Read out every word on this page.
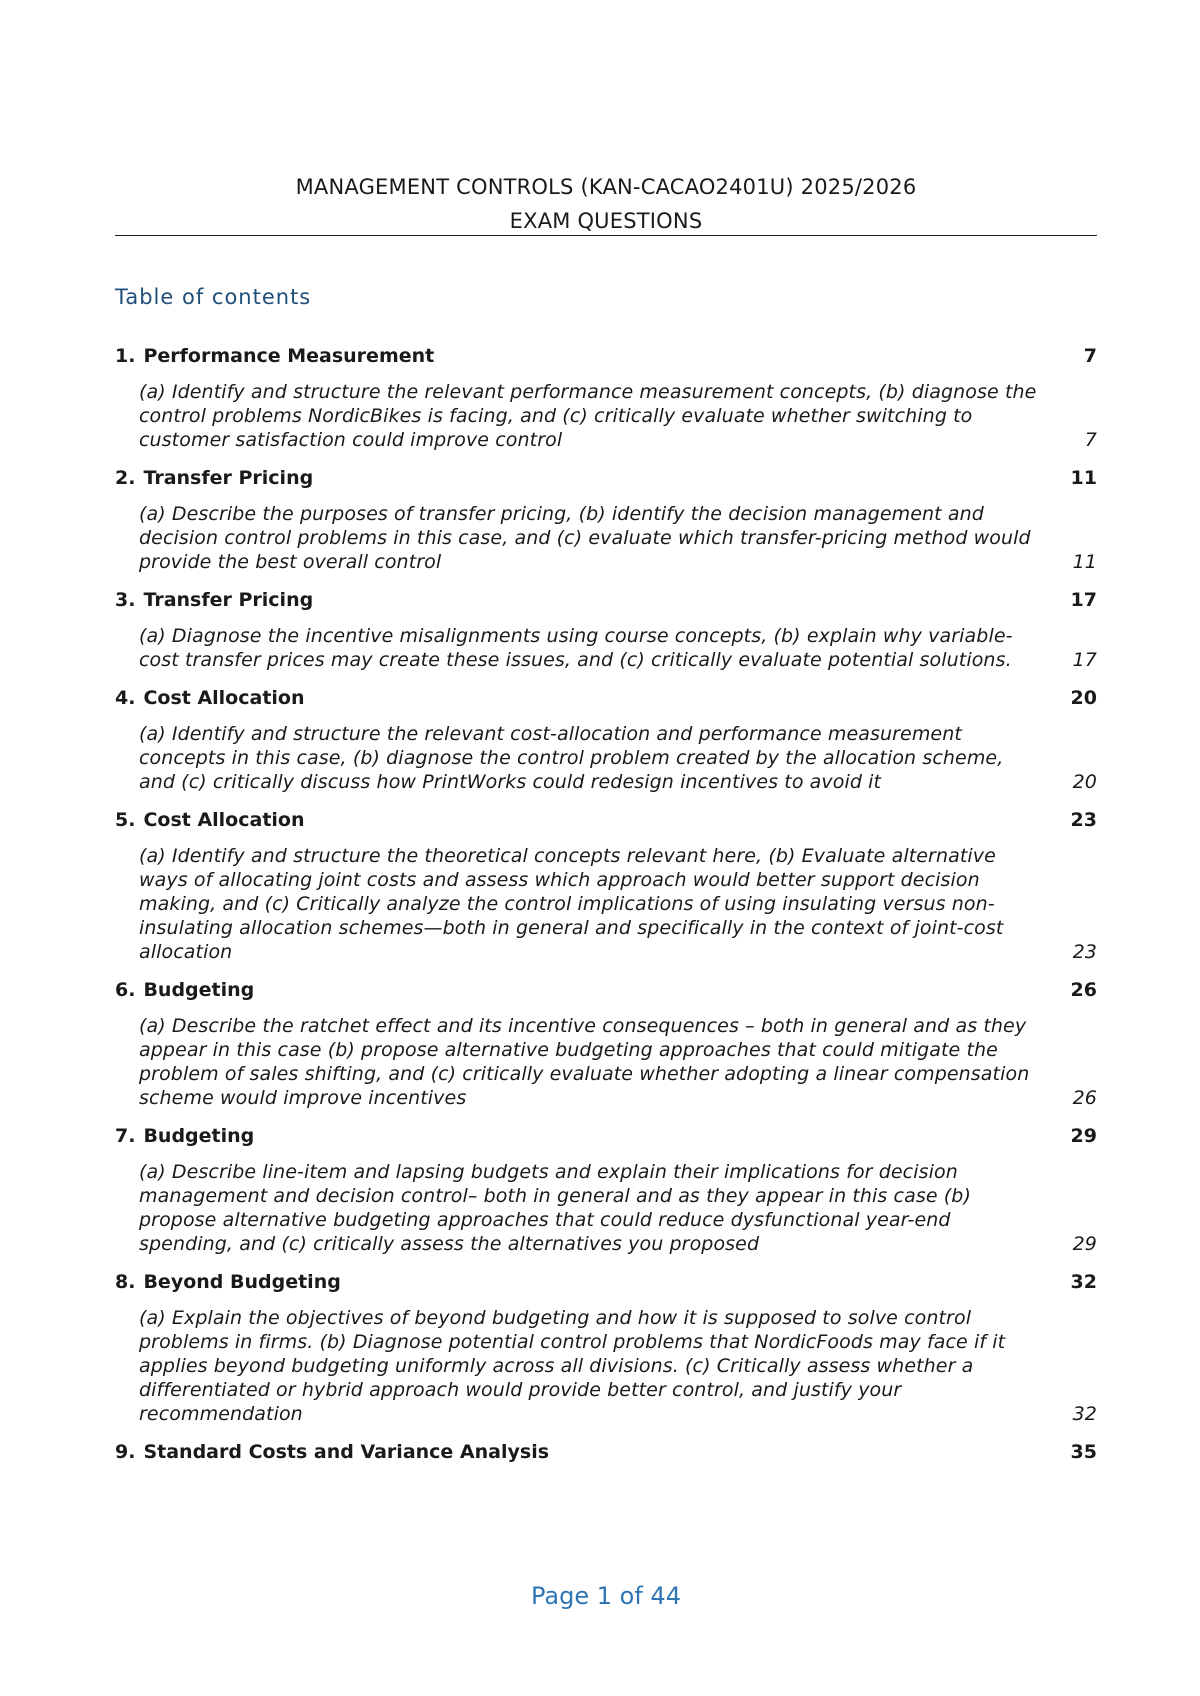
MANAGEMENT CONTROLS (KAN-CACAO2401U) 2025/2026
EXAM QUESTIONS
Table of contents
1. Performance Measurement	7
(a) Identify and structure the relevant performance measurement concepts, (b) diagnose the
control problems NordicBikes is facing, and (c) critically evaluate whether switching to
customer satisfaction could improve control	7
2. Transfer Pricing	11
(a) Describe the purposes of transfer pricing, (b) identify the decision management and
decision control problems in this case, and (c) evaluate which transfer-pricing method would
provide the best overall control	11
3. Transfer Pricing	17
(a) Diagnose the incentive misalignments using course concepts, (b) explain why variable-
cost transfer prices may create these issues, and (c) critically evaluate potential solutions.	17
4. Cost Allocation	20
(a) Identify and structure the relevant cost-allocation and performance measurement
concepts in this case, (b) diagnose the control problem created by the allocation scheme,
and (c) critically discuss how PrintWorks could redesign incentives to avoid it	20
5. Cost Allocation	23
(a) Identify and structure the theoretical concepts relevant here, (b) Evaluate alternative
ways of allocating joint costs and assess which approach would better support decision
making, and (c) Critically analyze the control implications of using insulating versus non-
insulating allocation schemes—both in general and specifically in the context of joint-cost
allocation	23
6. Budgeting	26
(a) Describe the ratchet effect and its incentive consequences – both in general and as they
appear in this case (b) propose alternative budgeting approaches that could mitigate the
problem of sales shifting, and (c) critically evaluate whether adopting a linear compensation
scheme would improve incentives	26
7. Budgeting	29
(a) Describe line-item and lapsing budgets and explain their implications for decision
management and decision control– both in general and as they appear in this case (b)
propose alternative budgeting approaches that could reduce dysfunctional year-end
spending, and (c) critically assess the alternatives you proposed	29
8. Beyond Budgeting	32
(a) Explain the objectives of beyond budgeting and how it is supposed to solve control
problems in firms. (b) Diagnose potential control problems that NordicFoods may face if it
applies beyond budgeting uniformly across all divisions. (c) Critically assess whether a
differentiated or hybrid approach would provide better control, and justify your
recommendation	32
9. Standard Costs and Variance Analysis	35
Page 1 of 44
